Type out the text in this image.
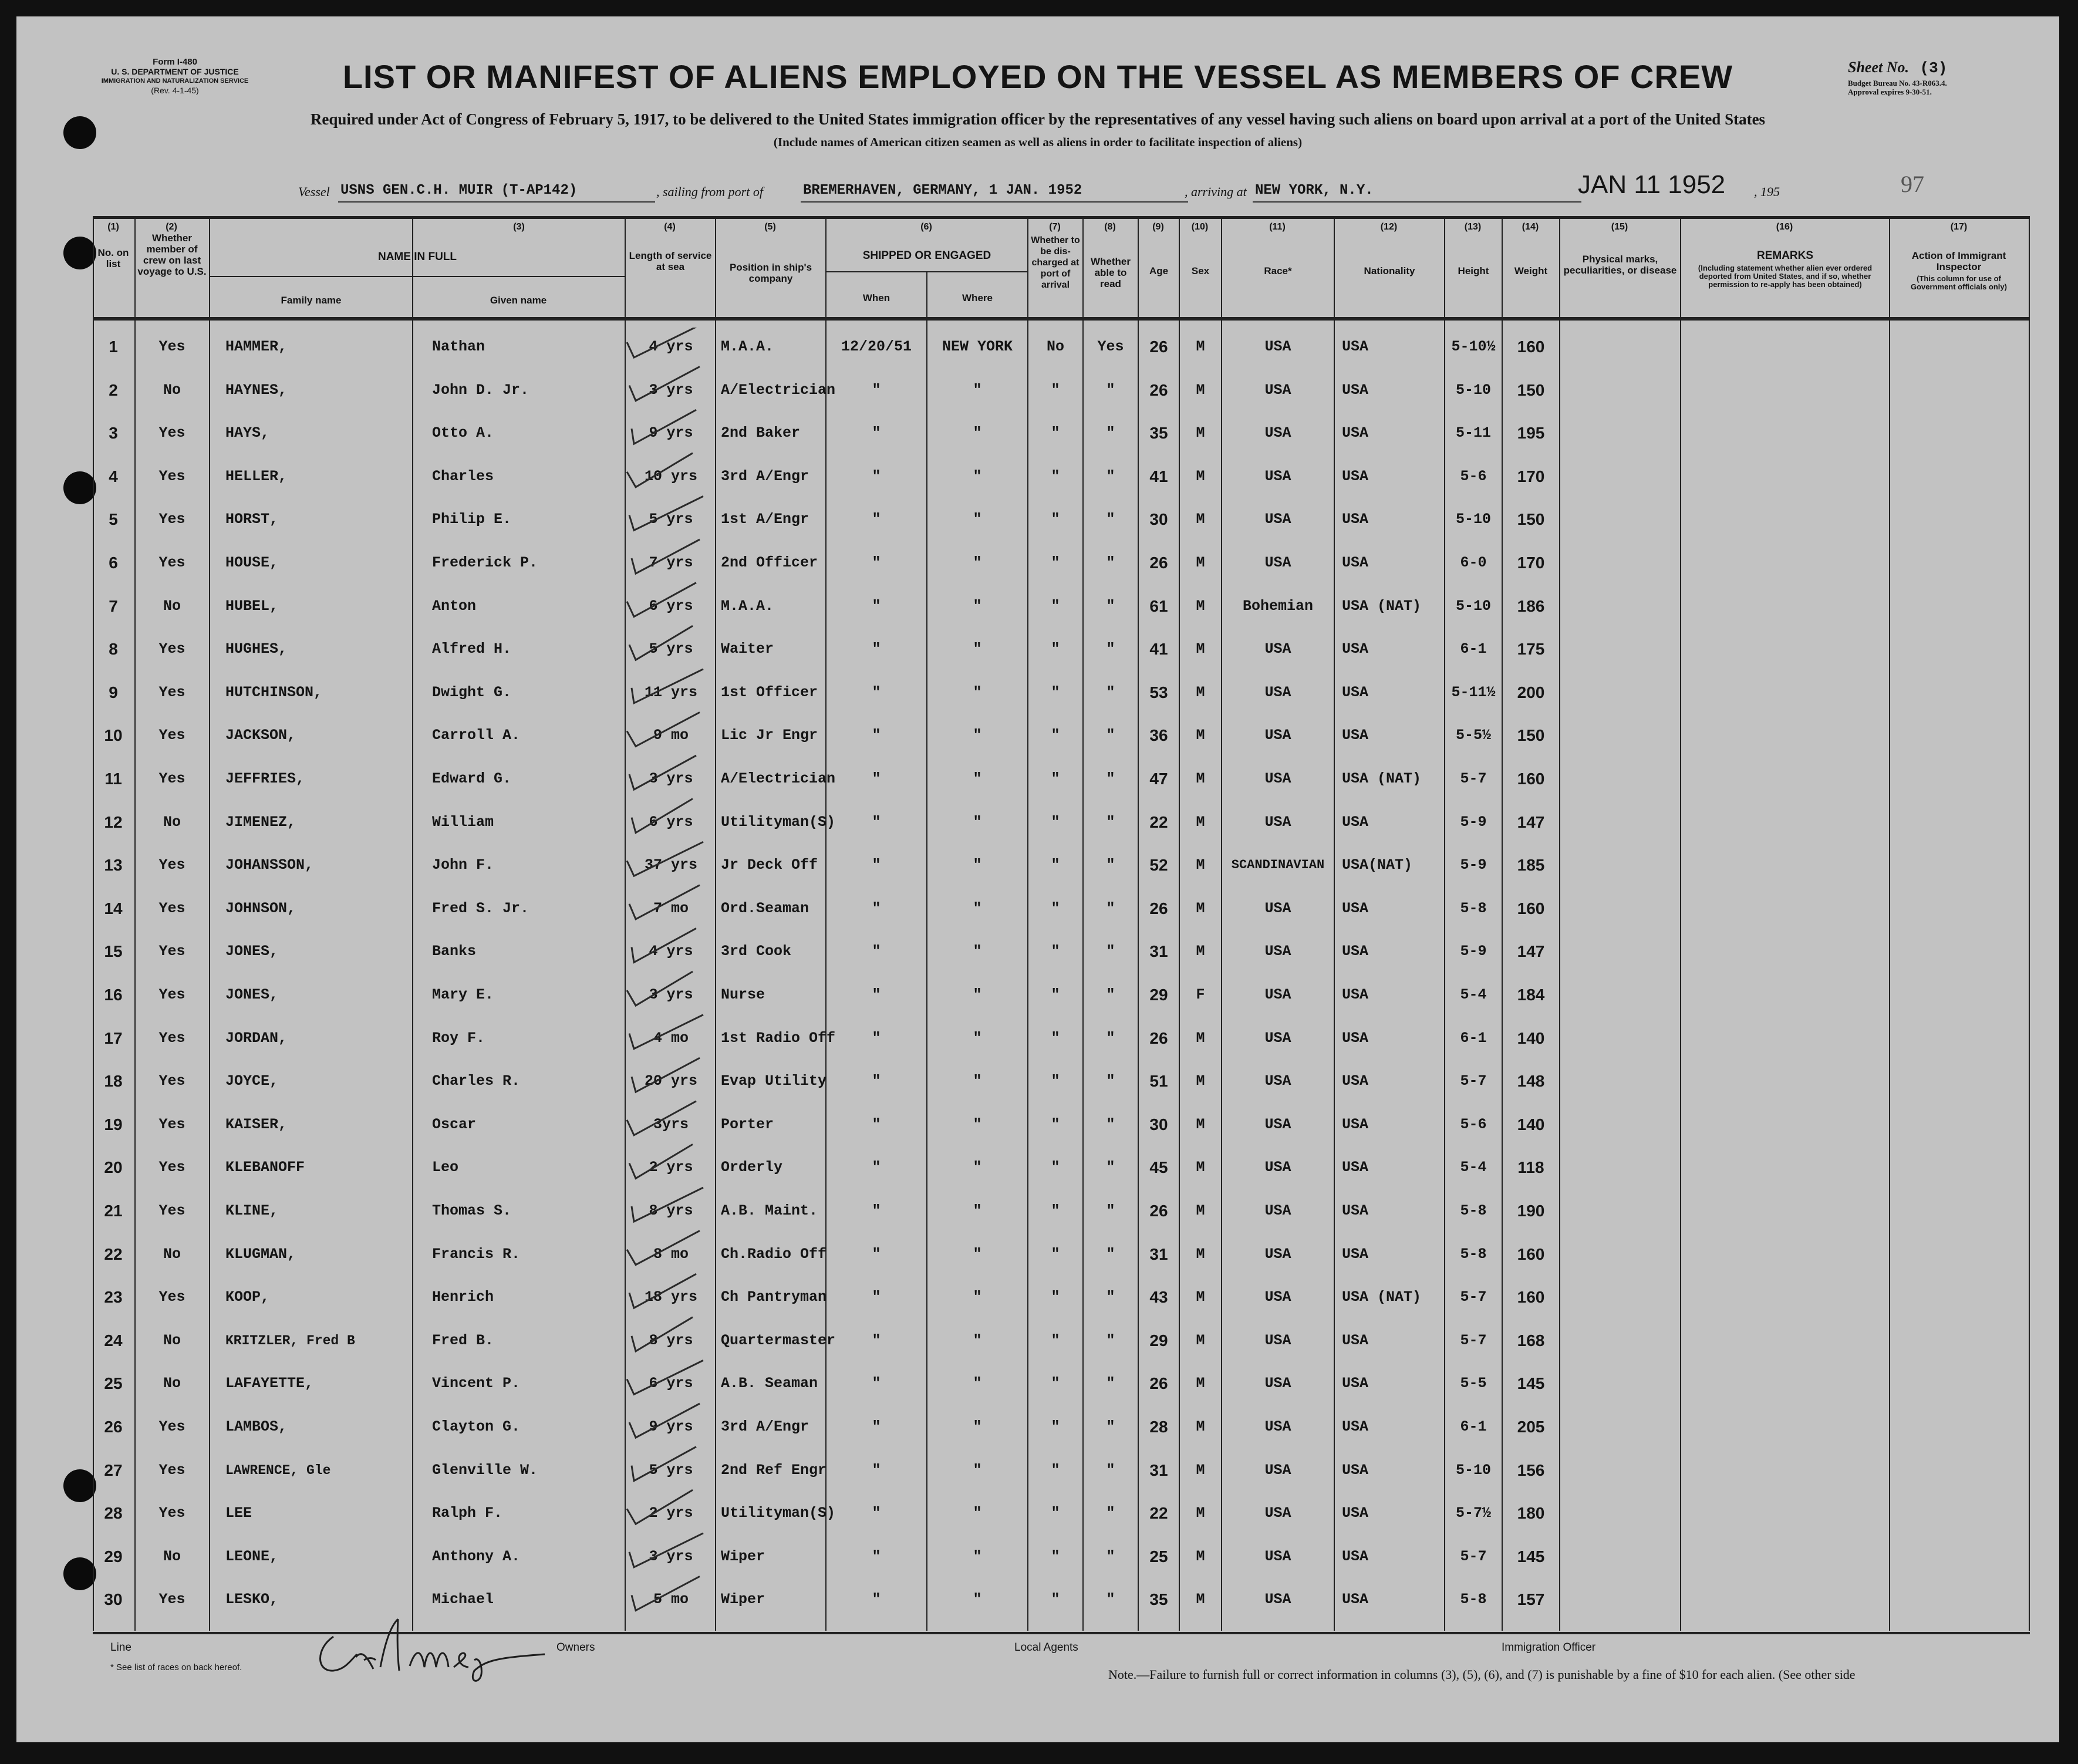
Form I-480
U. S. DEPARTMENT OF JUSTICE
IMMIGRATION AND NATURALIZATION SERVICE
(Rev. 4-1-45)	LIST OR MANIFEST OF ALIENS EMPLOYED ON THE VESSEL AS MEMBERS OF CREW
Required under Act of Congress of February 5, 1917, to be delivered to the United States immigration officer by the representatives of any vessel having such aliens on board upon arrival at a port of the United States
(Include names of American citizen seamen as well as aliens in order to facilitate inspection of aliens)
Sheet No. (3)
Budget Bureau No. 43-R063.4.
Approval expires 9-30-51.
Vessel USNS GEN.C.H. MUIR (T-AP142)	, sailing from port of	BREMERHAVEN, GERMANY, 1 JAN. 1952	, arriving at NEW YORK, N.Y.	JAN 11 1952 , 195	97
(1)	(2)	(3)	(4)	(5)	(6)	(7)	(8)	(9)	(10)	(11)	(12)	(13)	(14)	(15)	(16)	(17)
No. on list
Whether member of crew on last voyage to U.S.
NAME IN FULL
Family name	Given name
Length of service at sea	Position in ship's company
SHIPPED OR ENGAGED
When	Where
Whether to be dis-charged at port of arrival
Whether able to read
Age	Sex	Race*	Nationality	Height	Weight
Physical marks, peculiarities, or disease
REMARKS
(Including statement whether alien ever ordered deported from United States, and if so, whether permission to re-apply has been obtained)
Action of Immigrant Inspector
(This column for use of Government officials only)
1	Yes	HAMMER,	Nathan	4 yrs	M.A.A.	12/20/51	NEW YORK	No	Yes	26	M	USA	USA	5-10½	160
2	No	HAYNES,	John D. Jr.	3 yrs	A/Electrician	"	"	"	"	26	M	USA	USA	5-10	150
3	Yes	HAYS,	Otto A.	9 yrs	2nd Baker	"	"	"	"	35	M	USA	USA	5-11	195
4	Yes	HELLER,	Charles	10 yrs	3rd A/Engr	"	"	"	"	41	M	USA	USA	5-6	170
5	Yes	HORST,	Philip E.	5 yrs	1st A/Engr	"	"	"	"	30	M	USA	USA	5-10	150
6	Yes	HOUSE,	Frederick P.	7 yrs	2nd Officer	"	"	"	"	26	M	USA	USA	6-0	170
7	No	HUBEL,	Anton	6 yrs	M.A.A.	"	"	"	"	61	M	Bohemian	USA (NAT)	5-10	186
8	Yes	HUGHES,	Alfred H.	5 yrs	Waiter	"	"	"	"	41	M	USA	USA	6-1	175
9	Yes	HUTCHINSON,	Dwight G.	11 yrs	1st Officer	"	"	"	"	53	M	USA	USA	5-11½	200
10	Yes	JACKSON,	Carroll A.	9 mo	Lic Jr Engr	"	"	"	"	36	M	USA	USA	5-5½	150
11	Yes	JEFFRIES,	Edward G.	3 yrs	A/Electrician	"	"	"	"	47	M	USA	USA (NAT)	5-7	160
12	No	JIMENEZ,	William	6 yrs	Utilityman(S)	"	"	"	"	22	M	USA	USA	5-9	147
13	Yes	JOHANSSON,	John F.	37 yrs	Jr Deck Off	"	"	"	"	52	M	SCANDINAVIAN	USA(NAT)	5-9	185
14	Yes	JOHNSON,	Fred S. Jr.	7 mo	Ord.Seaman	"	"	"	"	26	M	USA	USA	5-8	160
15	Yes	JONES,	Banks	4 yrs	3rd Cook	"	"	"	"	31	M	USA	USA	5-9	147
16	Yes	JONES,	Mary E.	3 yrs	Nurse	"	"	"	"	29	F	USA	USA	5-4	184
17	Yes	JORDAN,	Roy F.	4 mo	1st Radio Off	"	"	"	"	26	M	USA	USA	6-1	140
18	Yes	JOYCE,	Charles R.	20 yrs	Evap Utility	"	"	"	"	51	M	USA	USA	5-7	148
19	Yes	KAISER,	Oscar	3yrs	Porter	"	"	"	"	30	M	USA	USA	5-6	140
20	Yes	KLEBANOFF	Leo	2 yrs	Orderly	"	"	"	"	45	M	USA	USA	5-4	118
21	Yes	KLINE,	Thomas S.	8 yrs	A.B. Maint.	"	"	"	"	26	M	USA	USA	5-8	190
22	No	KLUGMAN,	Francis R.	8 mo	Ch.Radio Off	"	"	"	"	31	M	USA	USA	5-8	160
23	Yes	KOOP,	Henrich	18 yrs	Ch Pantryman	"	"	"	"	43	M	USA	USA (NAT)	5-7	160
24	No	KRITZLER, Fred B	Fred B.	8 yrs	Quartermaster	"	"	"	"	29	M	USA	USA	5-7	168
25	No	LAFAYETTE,	Vincent P.	6 yrs	A.B. Seaman	"	"	"	"	26	M	USA	USA	5-5	145
26	Yes	LAMBOS,	Clayton G.	9 yrs	3rd A/Engr	"	"	"	"	28	M	USA	USA	6-1	205
27	Yes	LAWRENCE, Gle	Glenville W.	5 yrs	2nd Ref Engr	"	"	"	"	31	M	USA	USA	5-10	156
28	Yes	LEE	Ralph F.	2 yrs	Utilityman(S)	"	"	"	"	22	M	USA	USA	5-7½	180
29	No	LEONE,	Anthony A.	3 yrs	Wiper	"	"	"	"	25	M	USA	USA	5-7	145
30	Yes	LESKO,	Michael	5 mo	Wiper	"	"	"	"	35	M	USA	USA	5-8	157
Line	Owners	Local Agents	Immigration Officer
* See list of races on back hereof.	Note.—Failure to furnish full or correct information in columns (3), (5), (6), and (7) is punishable by a fine of $10 for each alien. (See other side
